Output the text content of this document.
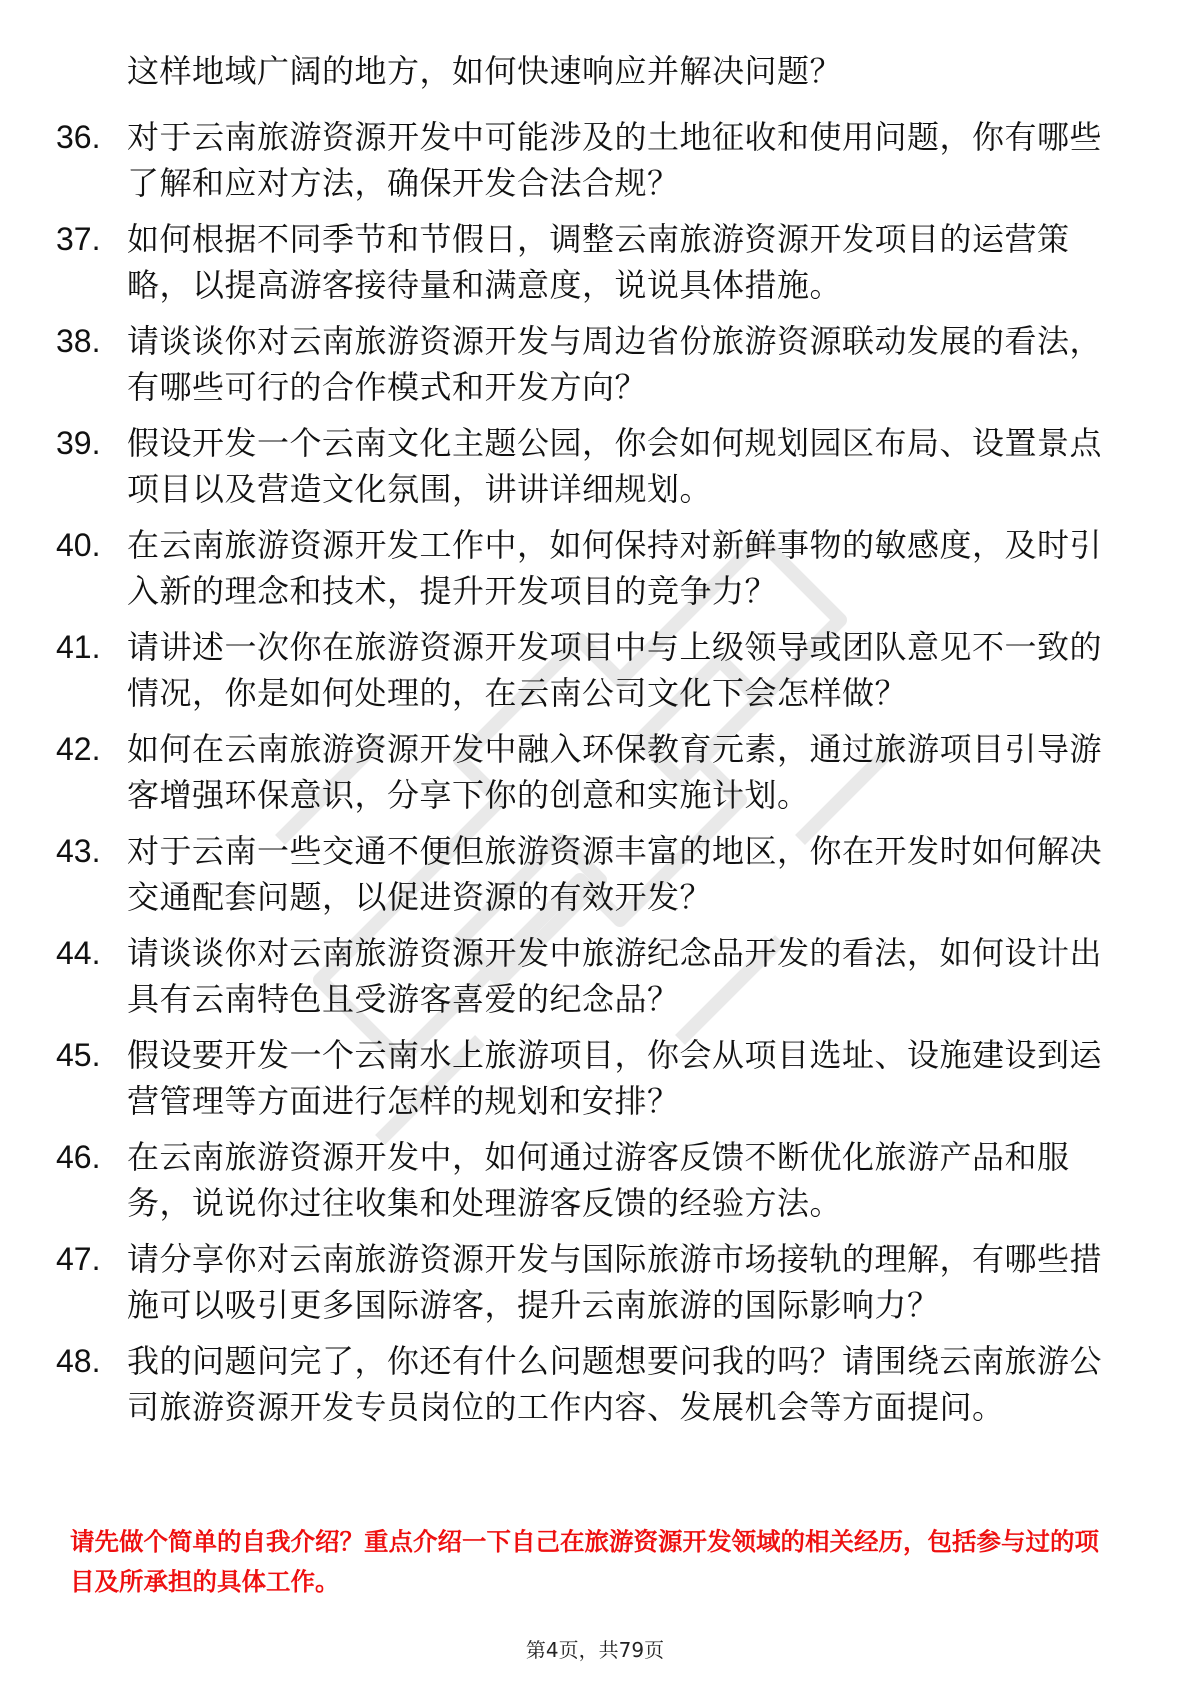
这样地域广阔的地方，如何快速响应并解决问题？
36. 对于云南旅游资源开发中可能涉及的土地征收和使用问题，你有哪些了解和应对方法，确保开发合法合规？
37. 如何根据不同季节和节假日，调整云南旅游资源开发项目的运营策略，以提高游客接待量和满意度，说说具体措施。
38. 请谈谈你对云南旅游资源开发与周边省份旅游资源联动发展的看法，有哪些可行的合作模式和开发方向？
39. 假设开发一个云南文化主题公园，你会如何规划园区布局、设置景点项目以及营造文化氛围，讲讲详细规划。
40. 在云南旅游资源开发工作中，如何保持对新鲜事物的敏感度，及时引入新的理念和技术，提升开发项目的竞争力？
41. 请讲述一次你在旅游资源开发项目中与上级领导或团队意见不一致的情况，你是如何处理的，在云南公司文化下会怎样做？
42. 如何在云南旅游资源开发中融入环保教育元素，通过旅游项目引导游客增强环保意识，分享下你的创意和实施计划。
43. 对于云南一些交通不便但旅游资源丰富的地区，你在开发时如何解决交通配套问题，以促进资源的有效开发？
44. 请谈谈你对云南旅游资源开发中旅游纪念品开发的看法，如何设计出具有云南特色且受游客喜爱的纪念品？
45. 假设要开发一个云南水上旅游项目，你会从项目选址、设施建设到运营管理等方面进行怎样的规划和安排？
46. 在云南旅游资源开发中，如何通过游客反馈不断优化旅游产品和服务，说说你过往收集和处理游客反馈的经验方法。
47. 请分享你对云南旅游资源开发与国际旅游市场接轨的理解，有哪些措施可以吸引更多国际游客，提升云南旅游的国际影响力？
48. 我的问题问完了，你还有什么问题想要问我的吗？请围绕云南旅游公司旅游资源开发专员岗位的工作内容、发展机会等方面提问。
请先做个简单的自我介绍？重点介绍一下自己在旅游资源开发领域的相关经历，包括参与过的项目及所承担的具体工作。
第4页，共79页
